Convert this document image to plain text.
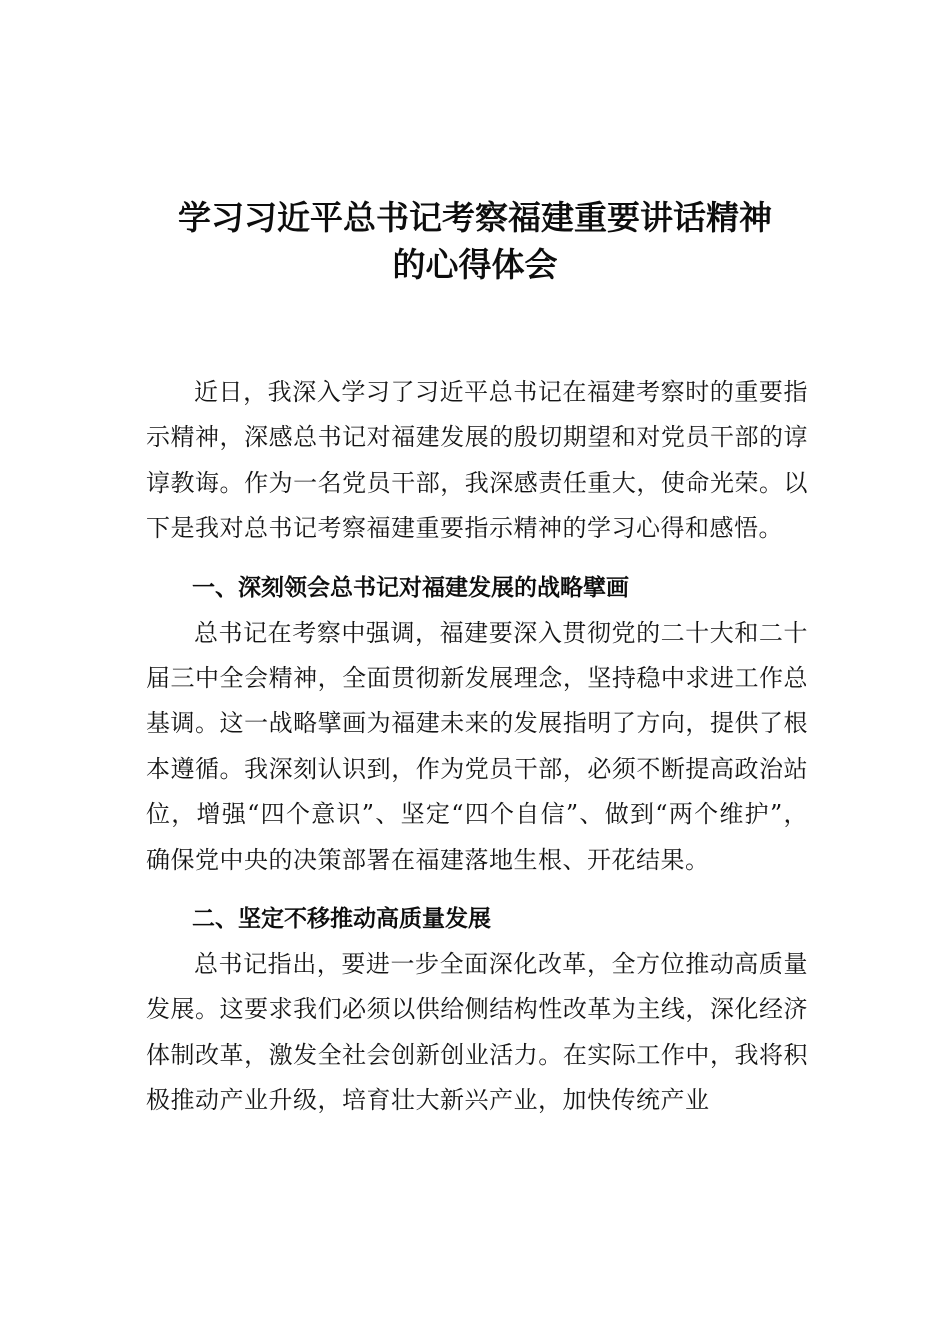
学习习近平总书记考察福建重要讲话精神
的心得体会

近日，我深入学习了习近平总书记在福建考察时的重要指示精神，深感总书记对福建发展的殷切期望和对党员干部的谆谆教诲。作为一名党员干部，我深感责任重大，使命光荣。以下是我对总书记考察福建重要指示精神的学习心得和感悟。

一、深刻领会总书记对福建发展的战略擘画

总书记在考察中强调，福建要深入贯彻党的二十大和二十届三中全会精神，全面贯彻新发展理念，坚持稳中求进工作总基调。这一战略擘画为福建未来的发展指明了方向，提供了根本遵循。我深刻认识到，作为党员干部，必须不断提高政治站位，增强“四个意识”、坚定“四个自信”、做到“两个维护”，确保党中央的决策部署在福建落地生根、开花结果。

二、坚定不移推动高质量发展

总书记指出，要进一步全面深化改革，全方位推动高质量发展。这要求我们必须以供给侧结构性改革为主线，深化经济体制改革，激发全社会创新创业活力。在实际工作中，我将积极推动产业升级，培育壮大新兴产业，加快传统产业
